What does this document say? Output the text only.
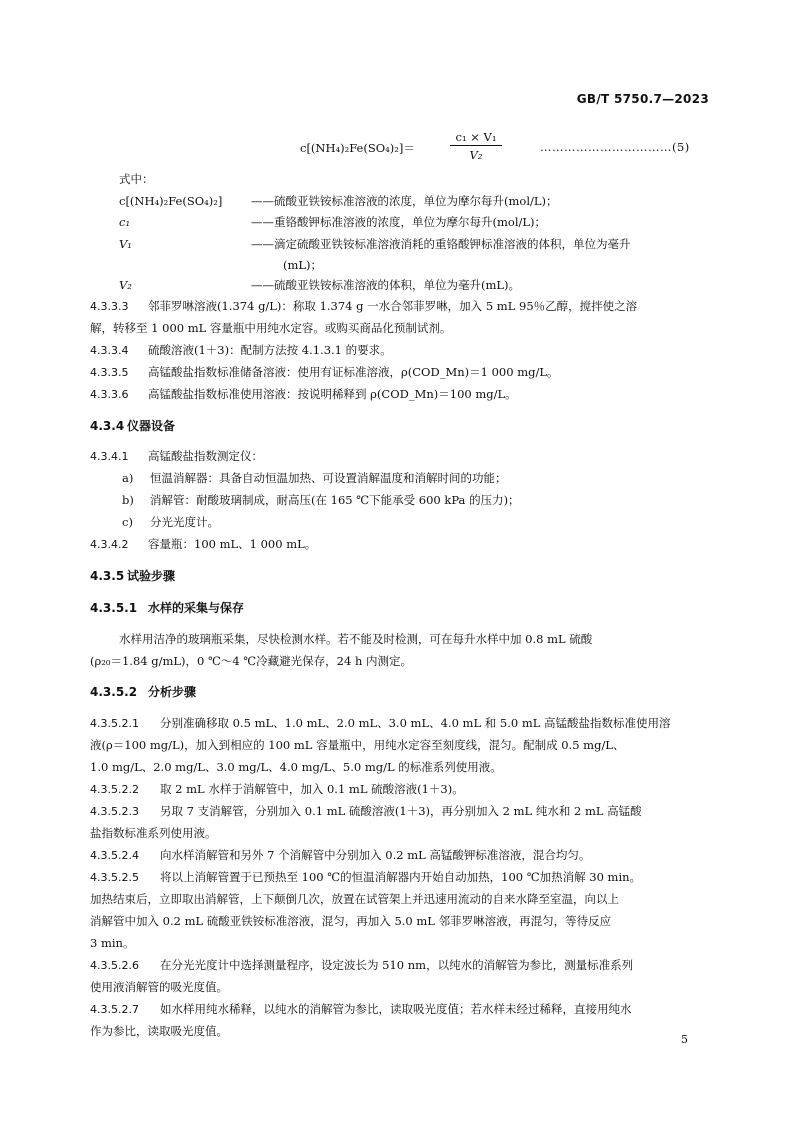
GB/T 5750.7—2023
c[(NH₄)₂Fe(SO₄)₂]＝	$\frac{\text{c₁ × V₁}}{\text{V₂}}$	……………………………(5)
式中：
c[(NH₄)₂Fe(SO₄)₂] ——硫酸亚铁铵标准溶液的浓度，单位为摩尔每升(mol/L)；
c₁	——重铬酸钾标准溶液的浓度，单位为摩尔每升(mol/L)；
V₁	——滴定硫酸亚铁铵标准溶液消耗的重铬酸钾标准溶液的体积，单位为毫升
(mL)；
V₂	——硫酸亚铁铵标准溶液的体积，单位为毫升(mL)。
4.3.3.3 邻菲罗啉溶液(1.374 g/L)：称取 1.374 g 一水合邻菲罗啉，加入 5 mL 95％乙醇，搅拌使之溶
解，转移至 1 000 mL 容量瓶中用纯水定容。或购买商品化预制试剂。
4.3.3.4 硫酸溶液(1＋3)：配制方法按 4.1.3.1 的要求。
4.3.3.5 高锰酸盐指数标准储备溶液：使用有证标准溶液，ρ(COD_Mn)＝1 000 mg/L。
4.3.3.6 高锰酸盐指数标准使用溶液：按说明稀释到 ρ(COD_Mn)＝100 mg/L。
4.3.4 仪器设备
4.3.4.1 高锰酸盐指数测定仪：
a) 恒温消解器：具备自动恒温加热、可设置消解温度和消解时间的功能；
b) 消解管：耐酸玻璃制成，耐高压(在 165 ℃下能承受 600 kPa 的压力)；
c) 分光光度计。
4.3.4.2 容量瓶：100 mL、1 000 mL。
4.3.5 试验步骤
4.3.5.1 水样的采集与保存
水样用洁净的玻璃瓶采集，尽快检测水样。若不能及时检测，可在每升水样中加 0.8 mL 硫酸
(ρ₂₀＝1.84 g/mL)，0 ℃～4 ℃冷藏避光保存，24 h 内测定。
4.3.5.2 分析步骤
4.3.5.2.1 分别准确移取 0.5 mL、1.0 mL、2.0 mL、3.0 mL、4.0 mL 和 5.0 mL 高锰酸盐指数标准使用溶
液(ρ＝100 mg/L)，加入到相应的 100 mL 容量瓶中，用纯水定容至刻度线，混匀。配制成 0.5 mg/L、
1.0 mg/L、2.0 mg/L、3.0 mg/L、4.0 mg/L、5.0 mg/L 的标准系列使用液。
4.3.5.2.2 取 2 mL 水样于消解管中，加入 0.1 mL 硫酸溶液(1＋3)。
4.3.5.2.3 另取 7 支消解管，分别加入 0.1 mL 硫酸溶液(1＋3)，再分别加入 2 mL 纯水和 2 mL 高锰酸
盐指数标准系列使用液。
4.3.5.2.4 向水样消解管和另外 7 个消解管中分别加入 0.2 mL 高锰酸钾标准溶液，混合均匀。
4.3.5.2.5 将以上消解管置于已预热至 100 ℃的恒温消解器内开始自动加热，100 ℃加热消解 30 min。
加热结束后，立即取出消解管，上下颠倒几次，放置在试管架上并迅速用流动的自来水降至室温，向以上
消解管中加入 0.2 mL 硫酸亚铁铵标准溶液，混匀，再加入 5.0 mL 邻菲罗啉溶液，再混匀，等待反应
3 min。
4.3.5.2.6 在分光光度计中选择测量程序，设定波长为 510 nm，以纯水的消解管为参比，测量标准系列
使用液消解管的吸光度值。
4.3.5.2.7 如水样用纯水稀释，以纯水的消解管为参比，读取吸光度值；若水样未经过稀释，直接用纯水
作为参比，读取吸光度值。
5
